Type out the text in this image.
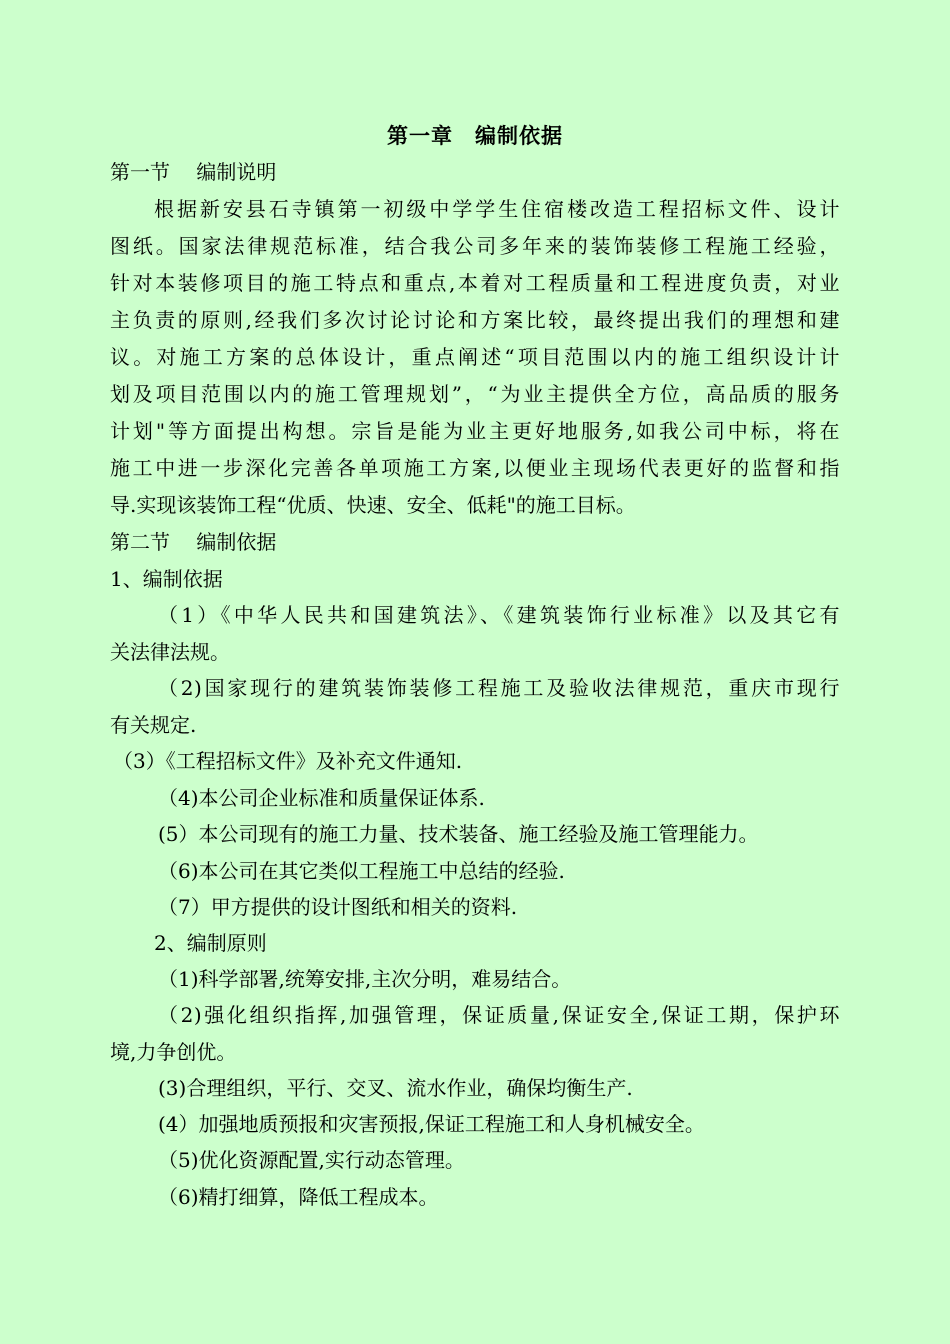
第一章　编制依据
第一节　 编制说明
根据新安县石寺镇第一初级中学学生住宿楼改造工程招标文件、设计
图纸。国家法律规范标准，结合我公司多年来的装饰装修工程施工经验，
针对本装修项目的施工特点和重点,本着对工程质量和工程进度负责，对业
主负责的原则,经我们多次讨论讨论和方案比较，最终提出我们的理想和建
议。对施工方案的总体设计，重点阐述“项目范围以内的施工组织设计计
划及项目范围以内的施工管理规划”，“为业主提供全方位，高品质的服务
计划"等方面提出构想。宗旨是能为业主更好地服务,如我公司中标，将在
施工中进一步深化完善各单项施工方案,以便业主现场代表更好的监督和指
导.实现该装饰工程“优质、快速、安全、低耗"的施工目标。
第二节　 编制依据
1、编制依据
（1）《中华人民共和国建筑法》、《建筑装饰行业标准》以及其它有
关法律法规。
（2)国家现行的建筑装饰装修工程施工及验收法律规范，重庆市现行
有关规定.
（3）《工程招标文件》及补充文件通知.
（4)本公司企业标准和质量保证体系.
(5）本公司现有的施工力量、技术装备、施工经验及施工管理能力。
（6)本公司在其它类似工程施工中总结的经验.
（7）甲方提供的设计图纸和相关的资料.
2、编制原则
（1)科学部署,统筹安排,主次分明，难易结合。
（2)强化组织指挥,加强管理，保证质量,保证安全,保证工期，保护环
境,力争创优。
(3)合理组织，平行、交叉、流水作业，确保均衡生产.
(4）加强地质预报和灾害预报,保证工程施工和人身机械安全。
（5)优化资源配置,实行动态管理。
（6)精打细算，降低工程成本。
